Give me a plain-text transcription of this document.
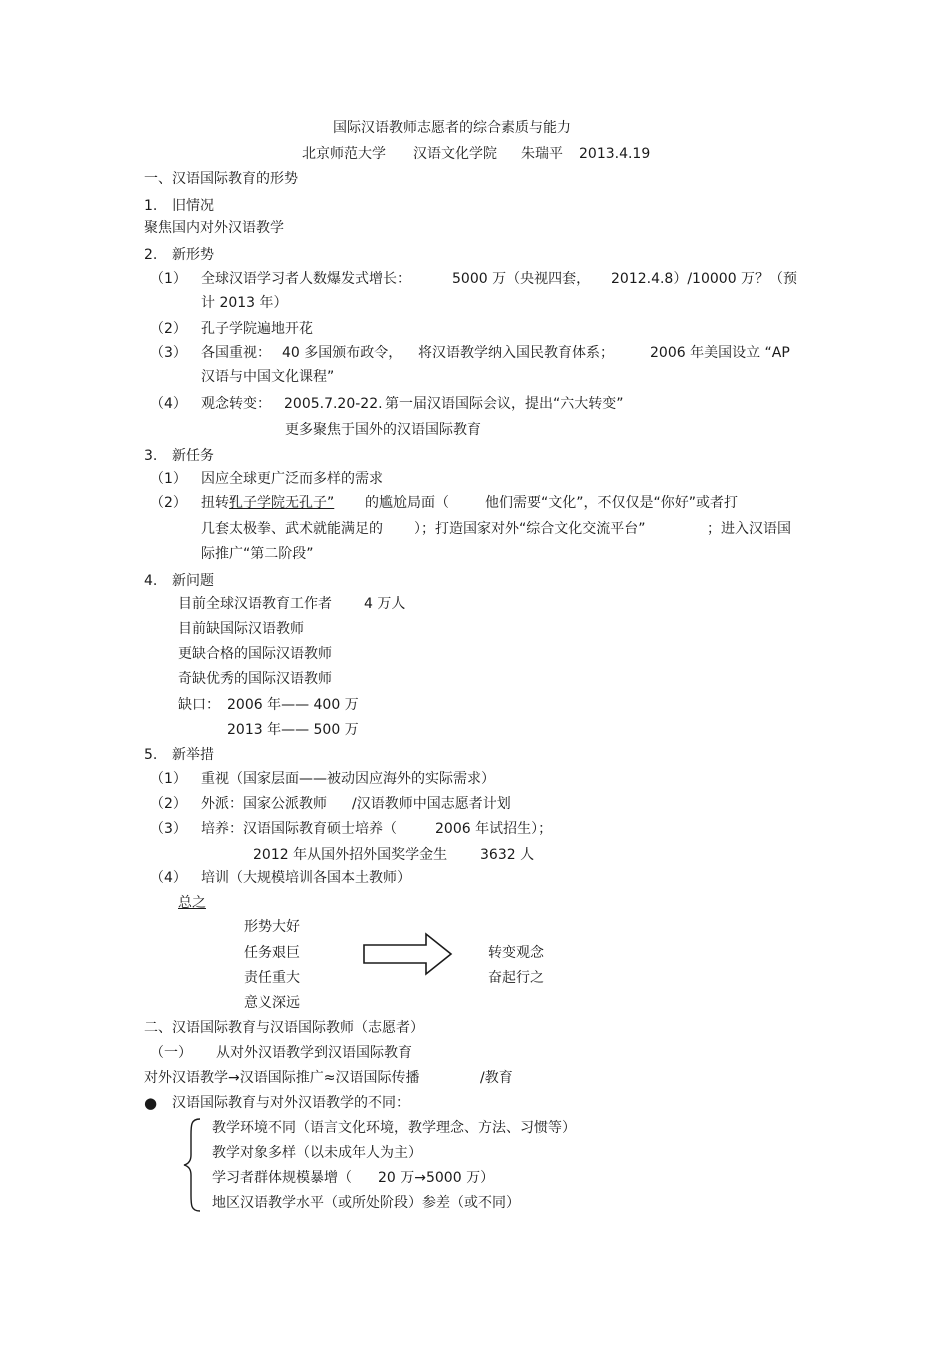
国际汉语教师志愿者的综合素质与能力
北京师范大学 汉语文化学院 朱瑞平 2013.4.19
一、汉语国际教育的形势
1. 旧情况
聚焦国内对外汉语教学
2. 新形势
（1） 全球汉语学习者人数爆发式增长：	5000 万（央视四套， 2012.4.8）/10000 万？（预
计 2013 年）
（2） 孔子学院遍地开花
（3） 各国重视： 40 多国颁布政令， 将汉语教学纳入国民教育体系；	2006 年美国设立 “AP
汉语与中国文化课程”
（4） 观念转变： 2005.7.20-22. 第一届汉语国际会议，提出“六大转变”
更多聚焦于国外的汉语国际教育
3. 新任务
（1） 因应全球更广泛而多样的需求
（2） 扭转“
孔子学院无孔子” 的尴尬局面（	他们需要“文化”，不仅仅是“你好”或者打
几套太极拳、武术就能满足的 ）；打造国家对外“综合文化交流平台”	；进入汉语国
际推广“第二阶段”
4. 新问题
目前全球汉语教育工作者 4 万人
目前缺国际汉语教师
更缺合格的国际汉语教师
奇缺优秀的国际汉语教师
缺口： 2006 年—— 400 万
2013 年—— 500 万
5. 新举措
（1） 重视（国家层面——被动因应海外的实际需求）
（2） 外派：国家公派教师 /汉语教师中国志愿者计划
（3） 培养：汉语国际教育硕士培养（	2006 年试招生）；
2012 年从国外招外国奖学金生 3632 人
（4） 培训（大规模培训各国本土教师）
总之
形势大好
任务艰巨
责任重大
意义深远
转变观念
奋起行之
二、汉语国际教育与汉语国际教师（志愿者）
（一） 从对外汉语教学到汉语国际教育
对外汉语教学→汉语国际推广≈汉语国际传播	/教育
● 汉语国际教育与对外汉语教学的不同：
教学环境不同（语言文化环境，教学理念、方法、习惯等）
教学对象多样（以未成年人为主）
学习者群体规模暴增（ 20 万→5000 万）
地区汉语教学水平（或所处阶段）参差（或不同）
